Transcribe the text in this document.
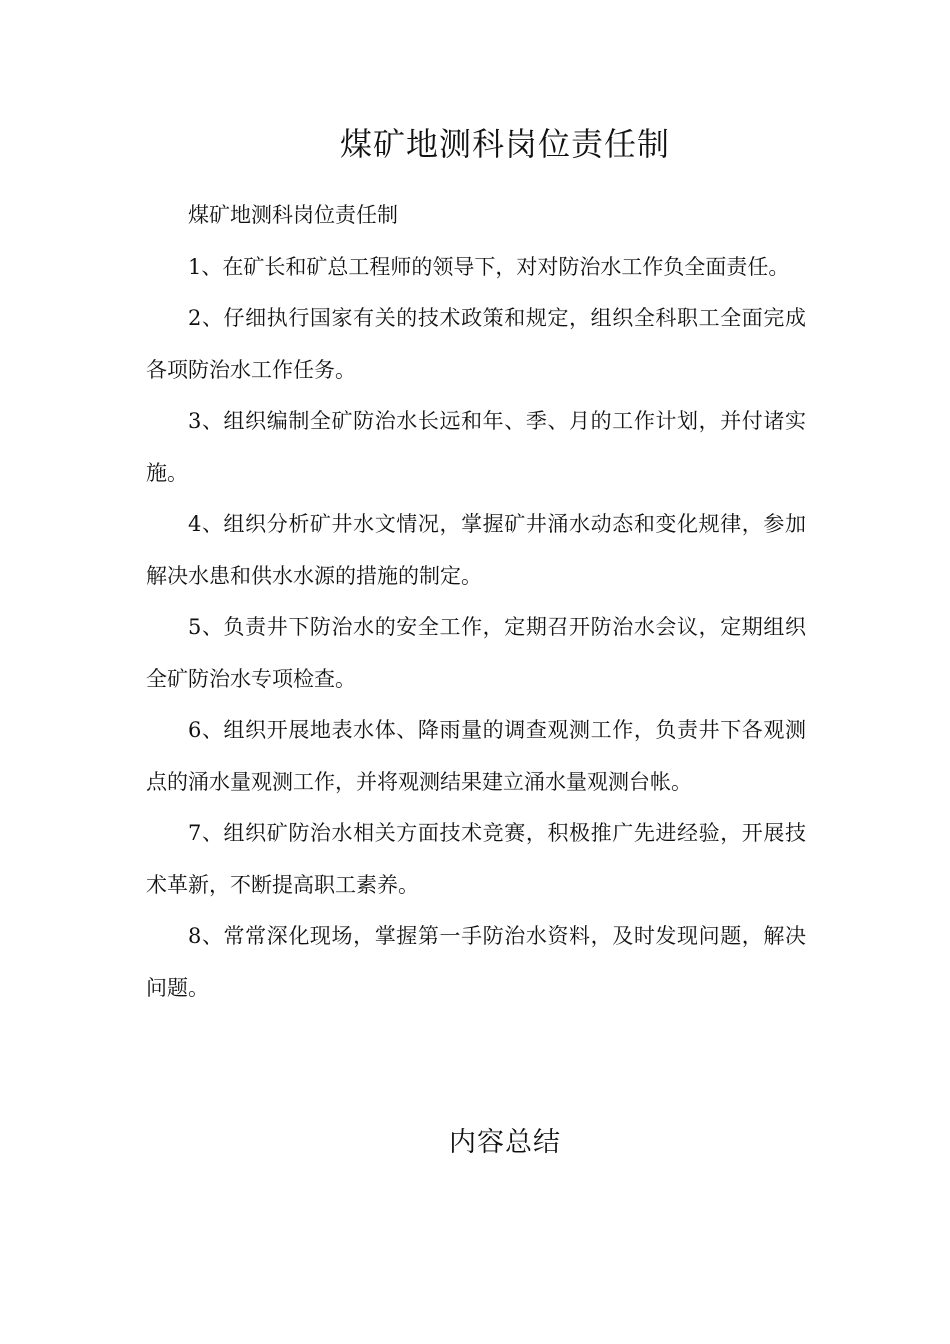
煤矿地测科岗位责任制

煤矿地测科岗位责任制

1、在矿长和矿总工程师的领导下，对对防治水工作负全面责任。

2、仔细执行国家有关的技术政策和规定，组织全科职工全面完成各项防治水工作任务。

3、组织编制全矿防治水长远和年、季、月的工作计划，并付诸实施。

4、组织分析矿井水文情况，掌握矿井涌水动态和变化规律，参加解决水患和供水水源的措施的制定。

5、负责井下防治水的安全工作，定期召开防治水会议，定期组织全矿防治水专项检查。

6、组织开展地表水体、降雨量的调查观测工作，负责井下各观测点的涌水量观测工作，并将观测结果建立涌水量观测台帐。

7、组织矿防治水相关方面技术竞赛，积极推广先进经验，开展技术革新，不断提高职工素养。

8、常常深化现场，掌握第一手防治水资料，及时发现问题，解决问题。

内容总结
